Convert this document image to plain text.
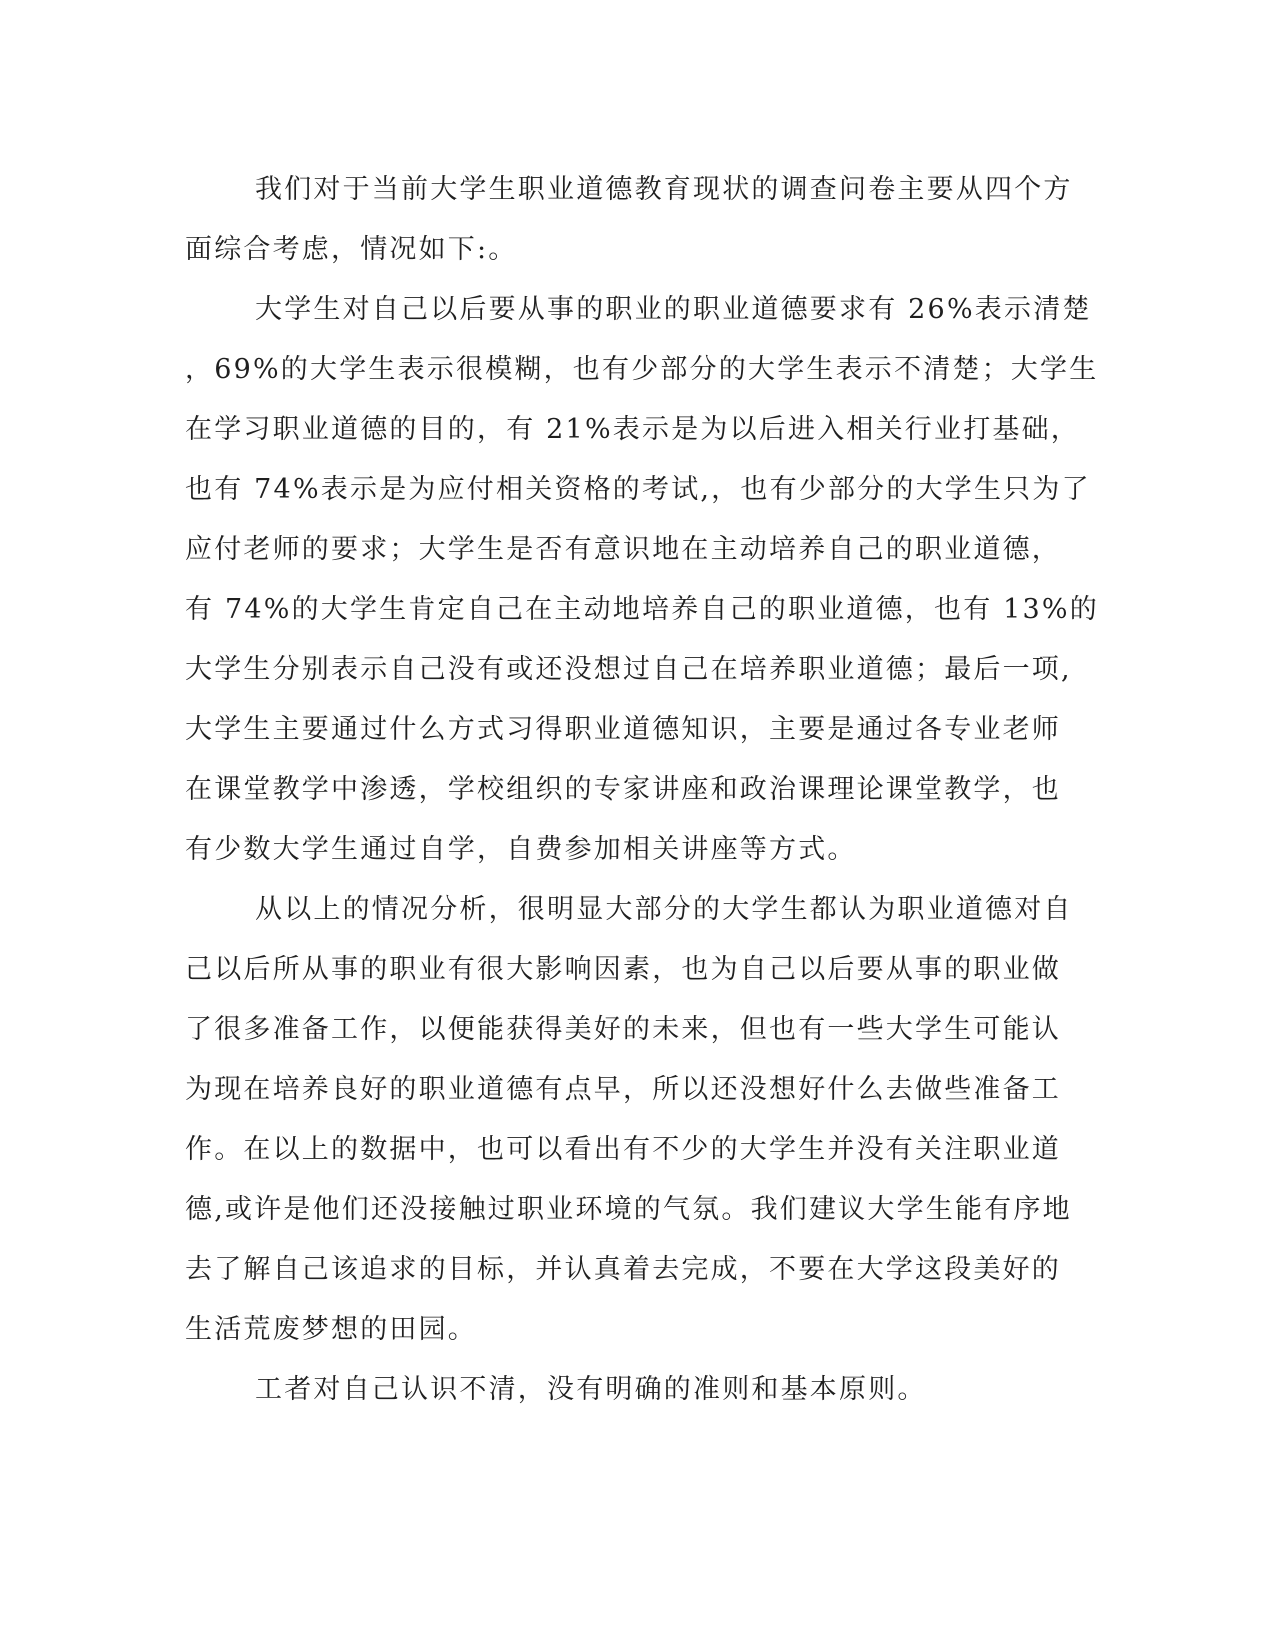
我们对于当前大学生职业道德教育现状的调查问卷主要从四个方
面综合考虑，情况如下:。
大学生对自己以后要从事的职业的职业道德要求有 26%表示清楚
，69%的大学生表示很模糊，也有少部分的大学生表示不清楚；大学生
在学习职业道德的目的，有 21%表示是为以后进入相关行业打基础，
也有 74%表示是为应付相关资格的考试,，也有少部分的大学生只为了
应付老师的要求；大学生是否有意识地在主动培养自己的职业道德，
有 74%的大学生肯定自己在主动地培养自己的职业道德，也有 13%的
大学生分别表示自己没有或还没想过自己在培养职业道德；最后一项,
大学生主要通过什么方式习得职业道德知识，主要是通过各专业老师
在课堂教学中渗透，学校组织的专家讲座和政治课理论课堂教学，也
有少数大学生通过自学，自费参加相关讲座等方式。
从以上的情况分析，很明显大部分的大学生都认为职业道德对自
己以后所从事的职业有很大影响因素，也为自己以后要从事的职业做
了很多准备工作，以便能获得美好的未来，但也有一些大学生可能认
为现在培养良好的职业道德有点早，所以还没想好什么去做些准备工
作。在以上的数据中，也可以看出有不少的大学生并没有关注职业道
德,或许是他们还没接触过职业环境的气氛。我们建议大学生能有序地
去了解自己该追求的目标，并认真着去完成，不要在大学这段美好的
生活荒废梦想的田园。
工者对自己认识不清，没有明确的准则和基本原则。
